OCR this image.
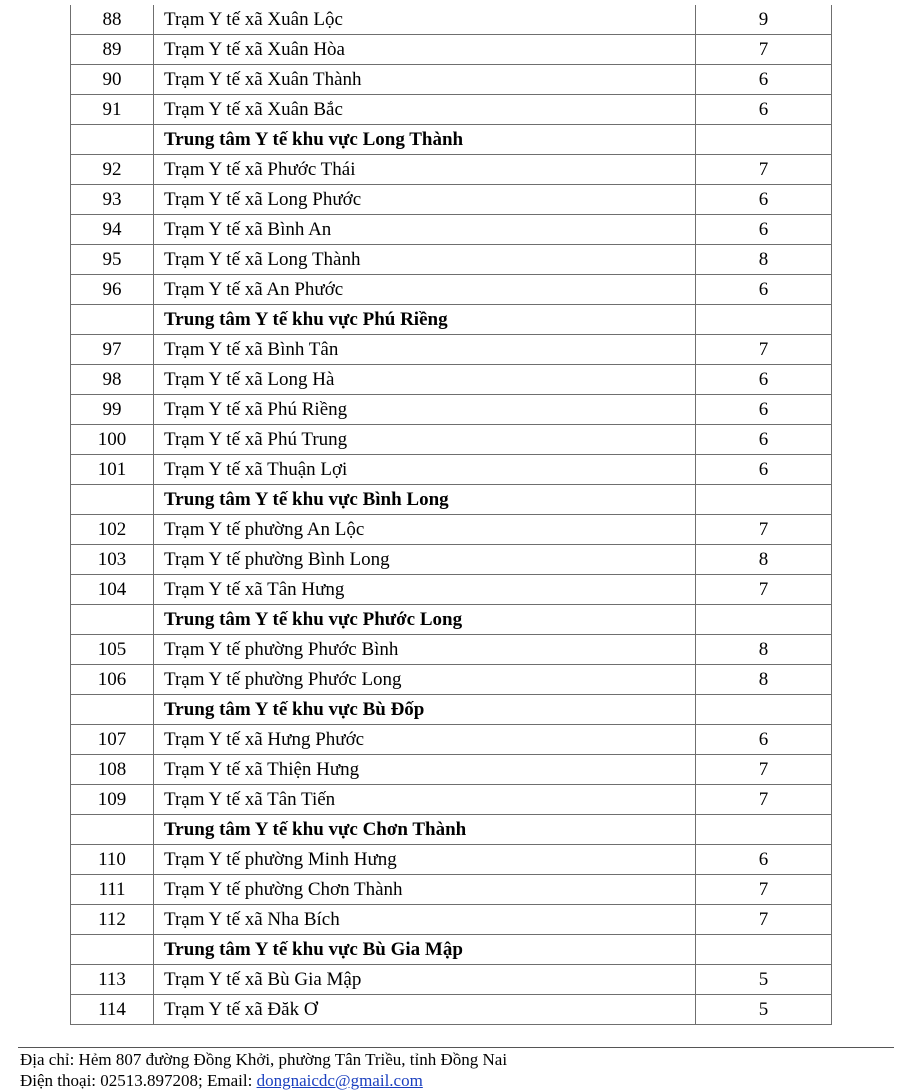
88	Trạm Y tế xã Xuân Lộc	9
89	Trạm Y tế xã Xuân Hòa	7
90	Trạm Y tế xã Xuân Thành	6
91	Trạm Y tế xã Xuân Bắc	6
	Trung tâm Y tế khu vực Long Thành	
92	Trạm Y tế xã Phước Thái	7
93	Trạm Y tế xã Long Phước	6
94	Trạm Y tế xã Bình An	6
95	Trạm Y tế xã Long Thành	8
96	Trạm Y tế xã An Phước	6
	Trung tâm Y tế khu vực Phú Riềng	
97	Trạm Y tế xã Bình Tân	7
98	Trạm Y tế xã Long Hà	6
99	Trạm Y tế xã Phú Riềng	6
100	Trạm Y tế xã Phú Trung	6
101	Trạm Y tế xã Thuận Lợi	6
	Trung tâm Y tế khu vực Bình Long	
102	Trạm Y tế phường An Lộc	7
103	Trạm Y tế phường Bình Long	8
104	Trạm Y tế xã Tân Hưng	7
	Trung tâm Y tế khu vực Phước Long	
105	Trạm Y tế phường Phước Bình	8
106	Trạm Y tế phường Phước Long	8
	Trung tâm Y tế khu vực Bù Đốp	
107	Trạm Y tế xã Hưng Phước	6
108	Trạm Y tế xã Thiện Hưng	7
109	Trạm Y tế xã Tân Tiến	7
	Trung tâm Y tế khu vực Chơn Thành	
110	Trạm Y tế phường Minh Hưng	6
111	Trạm Y tế phường Chơn Thành	7
112	Trạm Y tế xã Nha Bích	7
	Trung tâm Y tế khu vực Bù Gia Mập	
113	Trạm Y tế xã Bù Gia Mập	5
114	Trạm Y tế xã Đăk Ơ	5
Địa chỉ: Hẻm 807 đường Đồng Khởi, phường Tân Triều, tỉnh Đồng Nai
Điện thoại: 02513.897208; Email: dongnaicdc@gmail.com
